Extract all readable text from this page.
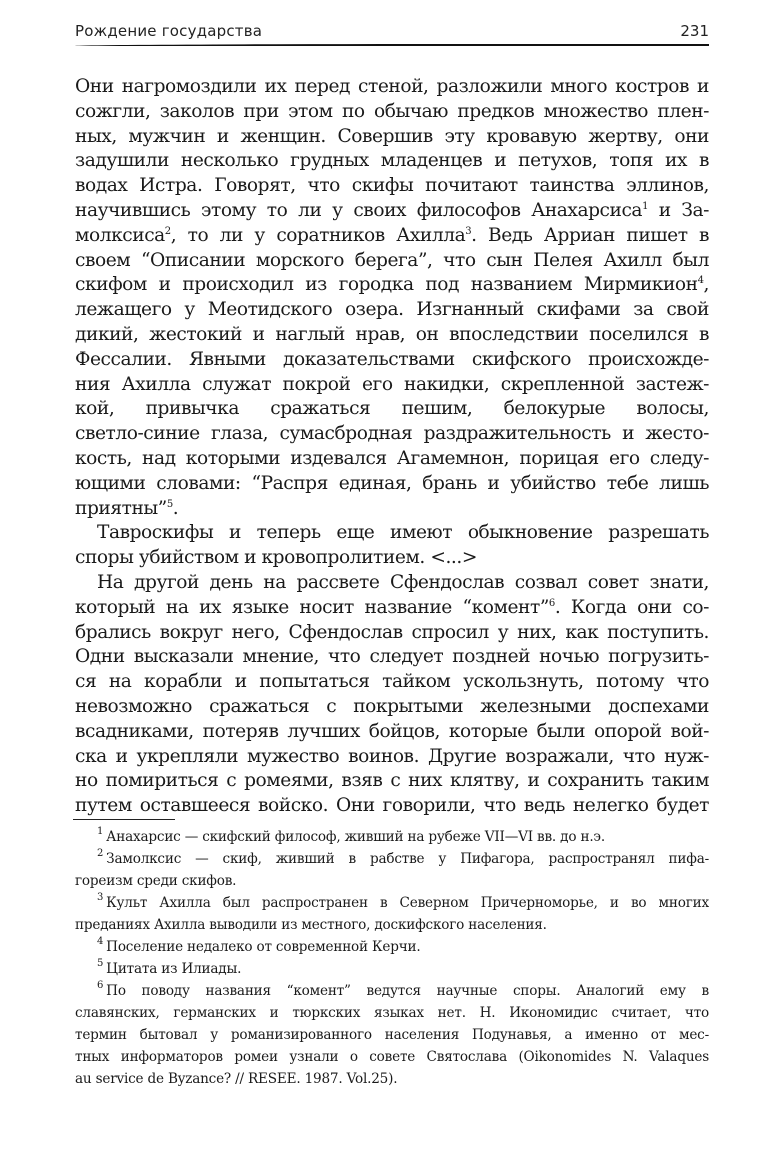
Рождение государства	231
Они нагромоздили их перед стеной, разложили много костров и
сожгли, заколов при этом по обычаю предков множество плен-
ных, мужчин и женщин. Совершив эту кровавую жертву, они
задушили несколько грудных младенцев и петухов, топя их в
водах Истра. Говорят, что скифы почитают таинства эллинов,
научившись этому то ли у своих философов Анахарсиса$^1$ и За-
молксиса$^2$, то ли у соратников Ахилла$^3$. Ведь Арриан пишет в
своем “Описании морского берега”, что сын Пелея Ахилл был
скифом и происходил из городка под названием Мирмикион$^4$,
лежащего у Меотидского озера. Изгнанный скифами за свой
дикий, жестокий и наглый нрав, он впоследствии поселился в
Фессалии. Явными доказательствами скифского происхожде-
ния Ахилла служат покрой его накидки, скрепленной застеж-
кой, привычка сражаться пешим, белокурые волосы,
светло-синие глаза, сумасбродная раздражительность и жесто-
кость, над которыми издевался Агамемнон, порицая его следу-
ющими словами: “Распря единая, брань и убийство тебе лишь
приятны”$^5$.
Тавроскифы и теперь еще имеют обыкновение разрешать
споры убийством и кровопролитием. <...>
На другой день на рассвете Сфендослав созвал совет знати,
который на их языке носит название “комент”$^6$. Когда они со-
брались вокруг него, Сфендослав спросил у них, как поступить.
Одни высказали мнение, что следует поздней ночью погрузить-
ся на корабли и попытаться тайком ускользнуть, потому что
невозможно сражаться с покрытыми железными доспехами
всадниками, потеряв лучших бойцов, которые были опорой вой-
ска и укрепляли мужество воинов. Другие возражали, что нуж-
но помириться с ромеями, взяв с них клятву, и сохранить таким
путем оставшееся войско. Они говорили, что ведь нелегко будет
$^1$ Анахарсис — скифский философ, живший на рубеже VII—VI вв. до н.э.
$^2$ Замолксис — скиф, живший в рабстве у Пифагора, распространял пифа-
гореизм среди скифов.
$^3$ Культ Ахилла был распространен в Северном Причерноморье, и во многих
преданиях Ахилла выводили из местного, доскифского населения.
$^4$ Поселение недалеко от современной Керчи.
$^5$ Цитата из Илиады.
$^6$ По поводу названия “комент” ведутся научные споры. Аналогий ему в
славянских, германских и тюркских языках нет. Н. Икономидис считает, что
термин бытовал у романизированного населения Подунавья, а именно от мес-
тных информаторов ромеи узнали о совете Святослава (Oikonomides N. Valaques
au service de Byzance? // RESEE. 1987. Vol.25).
